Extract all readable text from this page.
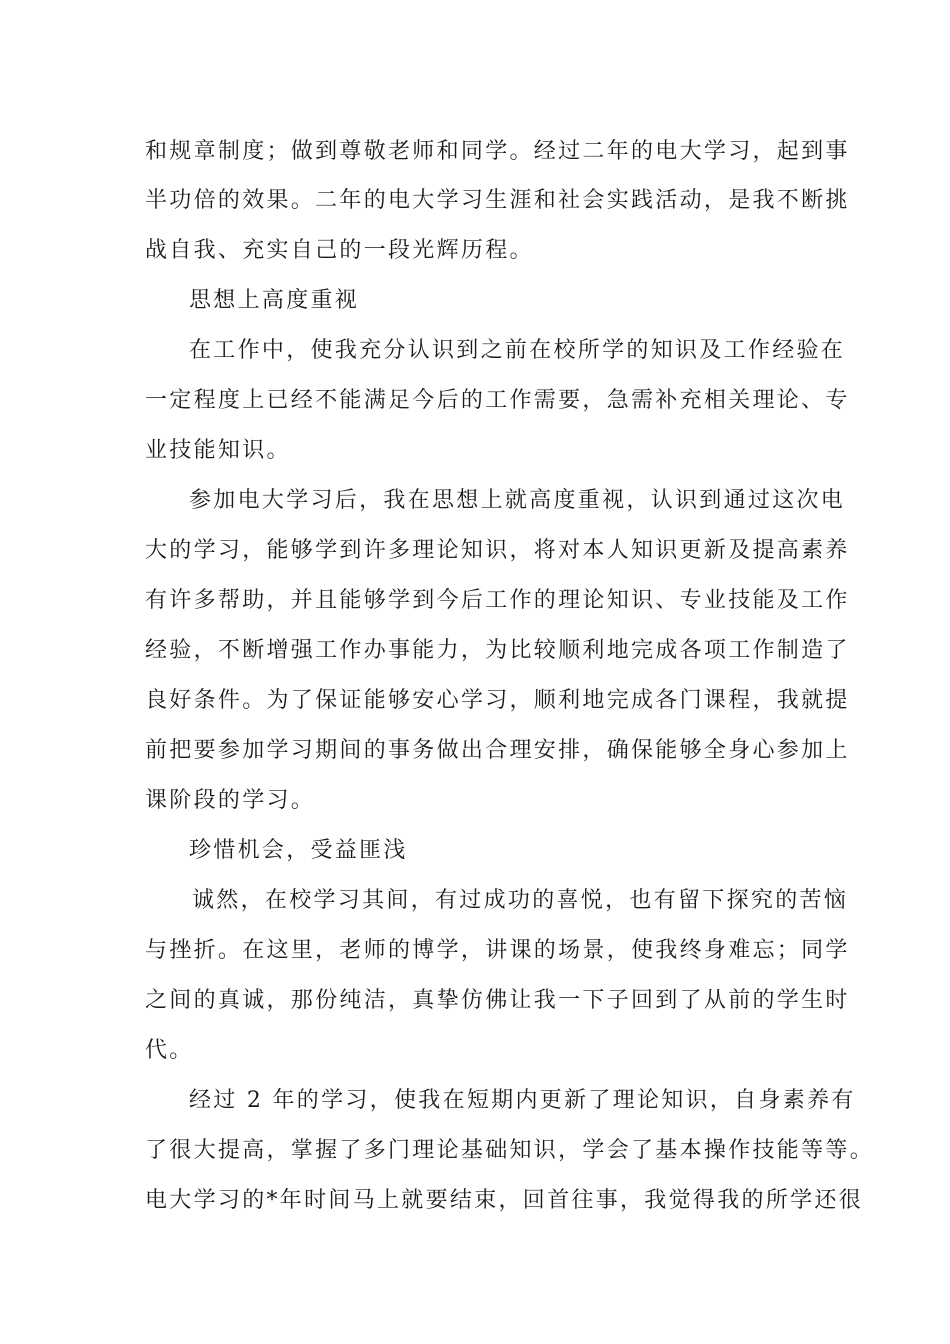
和规章制度；做到尊敬老师和同学。经过二年的电大学习，起到事

半功倍的效果。二年的电大学习生涯和社会实践活动，是我不断挑

战自我、充实自己的一段光辉历程。

思想上高度重视

在工作中，使我充分认识到之前在校所学的知识及工作经验在

一定程度上已经不能满足今后的工作需要，急需补充相关理论、专

业技能知识。

参加电大学习后，我在思想上就高度重视，认识到通过这次电

大的学习，能够学到许多理论知识，将对本人知识更新及提高素养

有许多帮助，并且能够学到今后工作的理论知识、专业技能及工作

经验，不断增强工作办事能力，为比较顺利地完成各项工作制造了

良好条件。为了保证能够安心学习，顺利地完成各门课程，我就提

前把要参加学习期间的事务做出合理安排，确保能够全身心参加上

课阶段的学习。

珍惜机会，受益匪浅

诚然，在校学习其间，有过成功的喜悦，也有留下探究的苦恼

与挫折。在这里，老师的博学，讲课的场景，使我终身难忘；同学

之间的真诚，那份纯洁，真挚仿佛让我一下子回到了从前的学生时

代。

经过 2 年的学习，使我在短期内更新了理论知识，自身素养有

了很大提高，掌握了多门理论基础知识，学会了基本操作技能等等。

电大学习的*年时间马上就要结束，回首往事，我觉得我的所学还很
